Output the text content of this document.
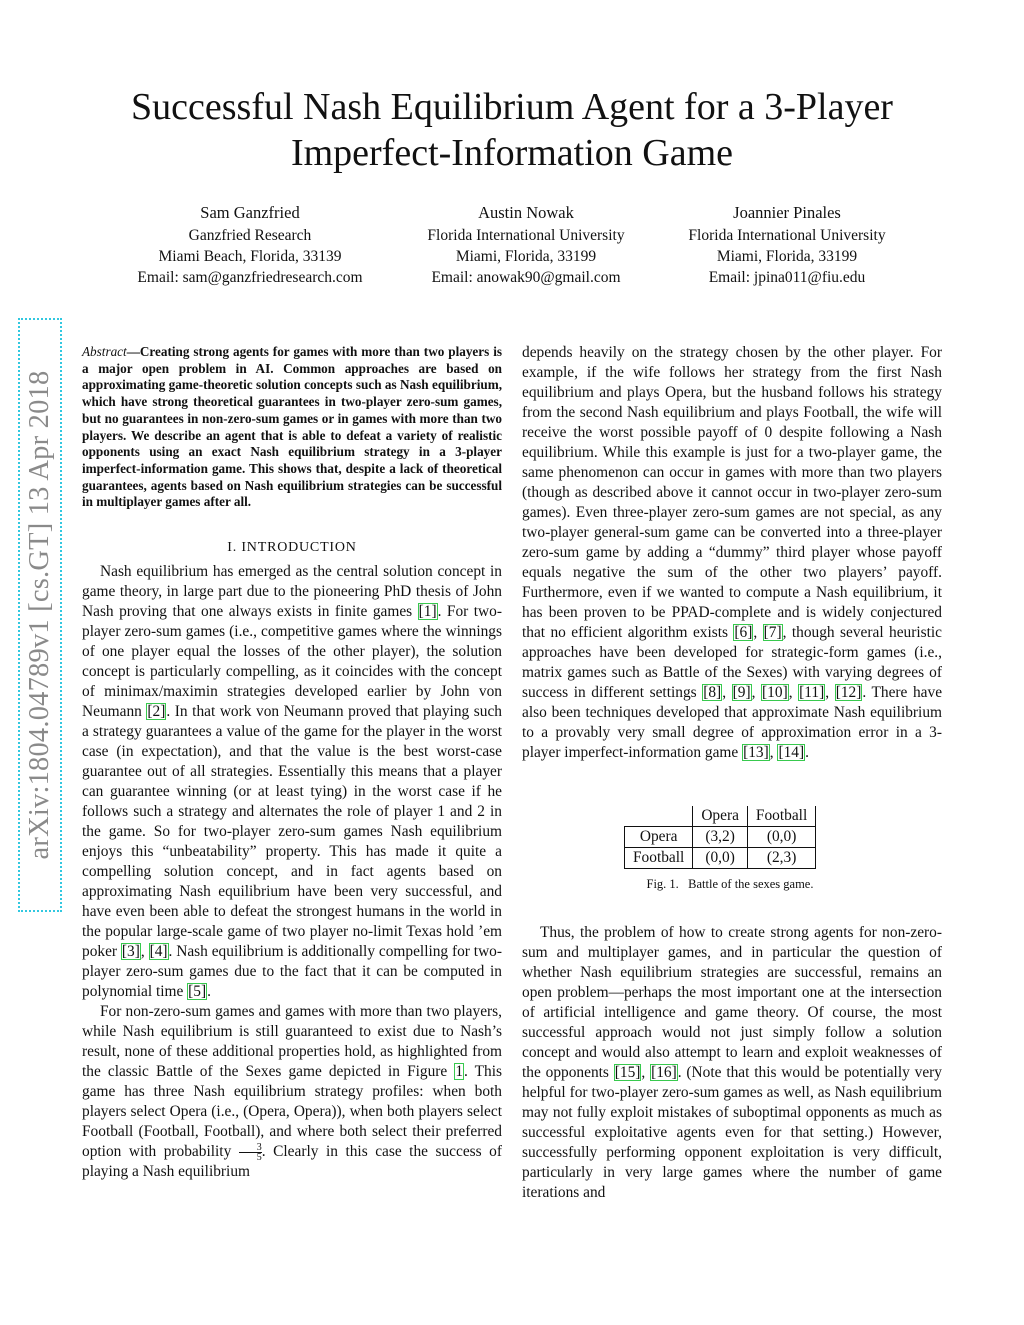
Successful Nash Equilibrium Agent for a 3-Player
Imperfect-Information Game
Sam Ganzfried
Ganzfried Research
Miami Beach, Florida, 33139
Email: sam@ganzfriedresearch.com
Austin Nowak
Florida International University
Miami, Florida, 33199
Email: anowak90@gmail.com
Joannier Pinales
Florida International University
Miami, Florida, 33199
Email: jpina011@fiu.edu
arXiv:1804.04789v1 [cs.GT] 13 Apr 2018
Abstract—Creating strong agents for games with more than two players is a major open problem in AI. Common approaches are based on approximating game-theoretic solution concepts such as Nash equilibrium, which have strong theoretical guarantees in two-player zero-sum games, but no guarantees in non-zero-sum games or in games with more than two players. We describe an agent that is able to defeat a variety of realistic opponents using an exact Nash equilibrium strategy in a 3-player imperfect-information game. This shows that, despite a lack of theoretical guarantees, agents based on Nash equilibrium strategies can be successful in multiplayer games after all.

I. INTRODUCTION

Nash equilibrium has emerged as the central solution concept in game theory, in large part due to the pioneering PhD thesis of John Nash proving that one always exists in finite games [1]. For two-player zero-sum games (i.e., competitive games where the winnings of one player equal the losses of the other player), the solution concept is particularly compelling, as it coincides with the concept of minimax/maximin strategies developed earlier by John von Neumann [2]. In that work von Neumann proved that playing such a strategy guarantees a value of the game for the player in the worst case (in expectation), and that the value is the best worst-case guarantee out of all strategies. Essentially this means that a player can guarantee winning (or at least tying) in the worst case if he follows such a strategy and alternates the role of player 1 and 2 in the game. So for two-player zero-sum games Nash equilibrium enjoys this “unbeatability” property. This has made it quite a compelling solution concept, and in fact agents based on approximating Nash equilibrium have been very successful, and have even been able to defeat the strongest humans in the world in the popular large-scale game of two player no-limit Texas hold ’em poker [3], [4]. Nash equilibrium is additionally compelling for two-player zero-sum games due to the fact that it can be computed in polynomial time [5].

For non-zero-sum games and games with more than two players, while Nash equilibrium is still guaranteed to exist due to Nash’s result, none of these additional properties hold, as highlighted from the classic Battle of the Sexes game depicted in Figure 1. This game has three Nash equilibrium strategy profiles: when both players select Opera (i.e., (Opera, Opera)), when both players select Football (Football, Football), and where both select their preferred option with probability $\frac{3}{5}$ . Clearly in this case the success of playing a Nash equilibrium

depends heavily on the strategy chosen by the other player. For example, if the wife follows her strategy from the first Nash equilibrium and plays Opera, but the husband follows his strategy from the second Nash equilibrium and plays Football, the wife will receive the worst possible payoff of 0 despite following a Nash equilibrium. While this example is just for a two-player game, the same phenomenon can occur in games with more than two players (though as described above it cannot occur in two-player zero-sum games). Even three-player zero-sum games are not special, as any two-player general-sum game can be converted into a three-player zero-sum game by adding a “dummy” third player whose payoff equals negative the sum of the other two players’ payoff. Furthermore, even if we wanted to compute a Nash equilibrium, it has been proven to be PPAD-complete and is widely conjectured that no efficient algorithm exists [6], [7], though several heuristic approaches have been developed for strategic-form games (i.e., matrix games such as Battle of the Sexes) with varying degrees of success in different settings [8], [9], [10], [11], [12]. There have also been techniques developed that approximate Nash equilibrium to a provably very small degree of approximation error in a 3-player imperfect-information game [13], [14].

	Opera	Football
Opera	(3,2)	(0,0)
Football	(0,0)	(2,3)
Fig. 1.   Battle of the sexes game.

Thus, the problem of how to create strong agents for non-zero-sum and multiplayer games, and in particular the question of whether Nash equilibrium strategies are successful, remains an open problem—perhaps the most important one at the intersection of artificial intelligence and game theory. Of course, the most successful approach would not just simply follow a solution concept and would also attempt to learn and exploit weaknesses of the opponents [15], [16]. (Note that this would be potentially very helpful for two-player zero-sum games as well, as Nash equilibrium may not fully exploit mistakes of suboptimal opponents as much as successful exploitative agents even for that setting.) However, successfully performing opponent exploitation is very difficult, particularly in very large games where the number of game iterations and
